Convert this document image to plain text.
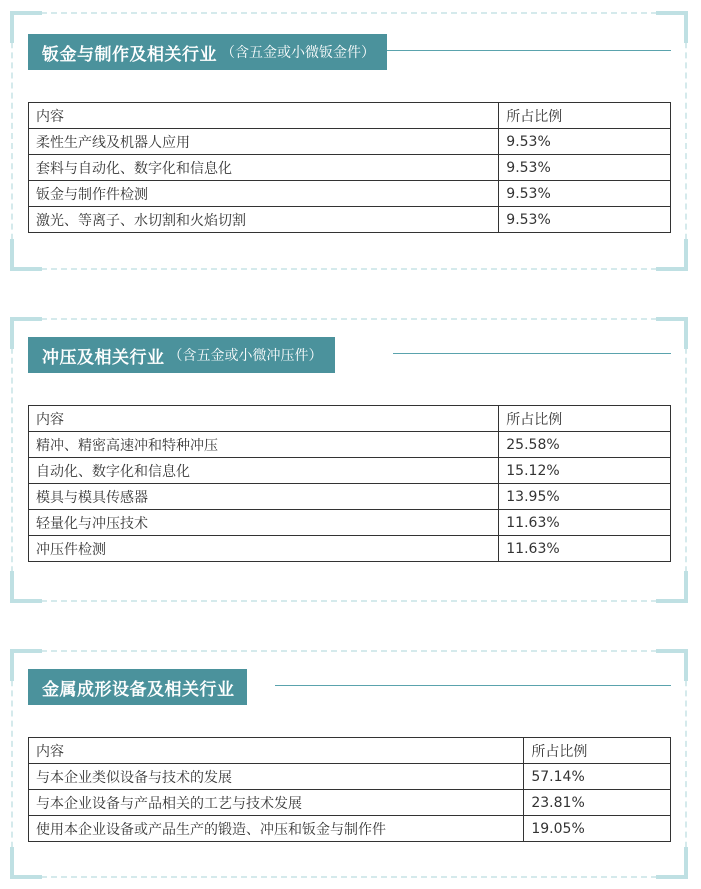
钣金与制作及相关行业 （含五金或小微钣金件）
内容	所占比例
柔性生产线及机器人应用	9.53%
套料与自动化、数字化和信息化	9.53%
钣金与制作件检测	9.53%
激光、等离子、水切割和火焰切割	9.53%
冲压及相关行业 （含五金或小微冲压件）
内容	所占比例
精冲、精密高速冲和特种冲压	25.58%
自动化、数字化和信息化	15.12%
模具与模具传感器	13.95%
轻量化与冲压技术	11.63%
冲压件检测	11.63%
金属成形设备及相关行业
内容	所占比例
与本企业类似设备与技术的发展	57.14%
与本企业设备与产品相关的工艺与技术发展	23.81%
使用本企业设备或产品生产的锻造、冲压和钣金与制作件	19.05%
